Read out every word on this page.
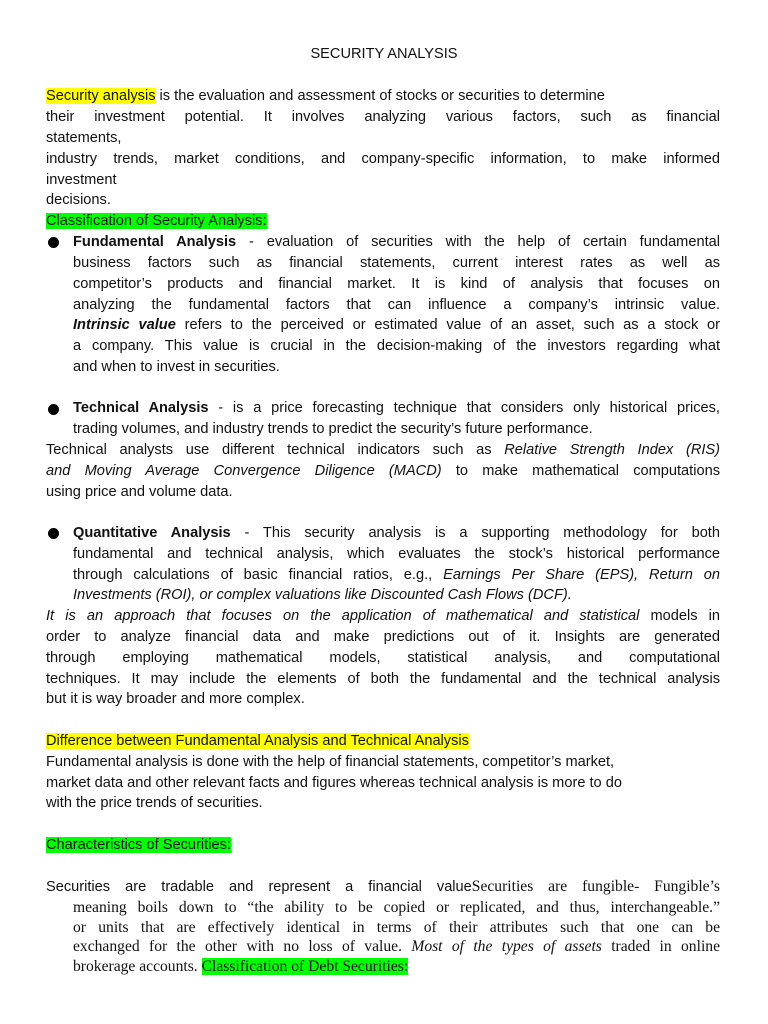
SECURITY ANALYSIS
Security analysis is the evaluation and assessment of stocks or securities to determine
their investment potential. It involves analyzing various factors, such as financial
statements,
industry trends, market conditions, and company-specific information, to make informed
investment
decisions.
Classification of Security Analysis:
Fundamental Analysis - evaluation of securities with the help of certain fundamental
business factors such as financial statements, current interest rates as well as
competitor’s products and financial market. It is kind of analysis that focuses on
analyzing the fundamental factors that can influence a company’s intrinsic value.
Intrinsic value refers to the perceived or estimated value of an asset, such as a stock or
a company. This value is crucial in the decision-making of the investors regarding what
and when to invest in securities.
Technical Analysis - is a price forecasting technique that considers only historical prices,
trading volumes, and industry trends to predict the security’s future performance.
Technical analysts use different technical indicators such as Relative Strength Index (RIS)
and Moving Average Convergence Diligence (MACD) to make mathematical computations
using price and volume data.
Quantitative Analysis - This security analysis is a supporting methodology for both
fundamental and technical analysis, which evaluates the stock’s historical performance
through calculations of basic financial ratios, e.g., Earnings Per Share (EPS), Return on
Investments (ROI), or complex valuations like Discounted Cash Flows (DCF).
It is an approach that focuses on the application of mathematical and statistical models in
order to analyze financial data and make predictions out of it. Insights are generated
through employing mathematical models, statistical analysis, and computational
techniques. It may include the elements of both the fundamental and the technical analysis
but it is way broader and more complex.
Difference between Fundamental Analysis and Technical Analysis
Fundamental analysis is done with the help of financial statements, competitor’s market,
market data and other relevant facts and figures whereas technical analysis is more to do
with the price trends of securities.
Characteristics of Securities:
Securities are tradable and represent a financial valueSecurities are fungible- Fungible’s
meaning boils down to “the ability to be copied or replicated, and thus, interchangeable.”
or units that are effectively identical in terms of their attributes such that one can be
exchanged for the other with no loss of value. Most of the types of assets traded in online
brokerage accounts. Classification of Debt Securities:
